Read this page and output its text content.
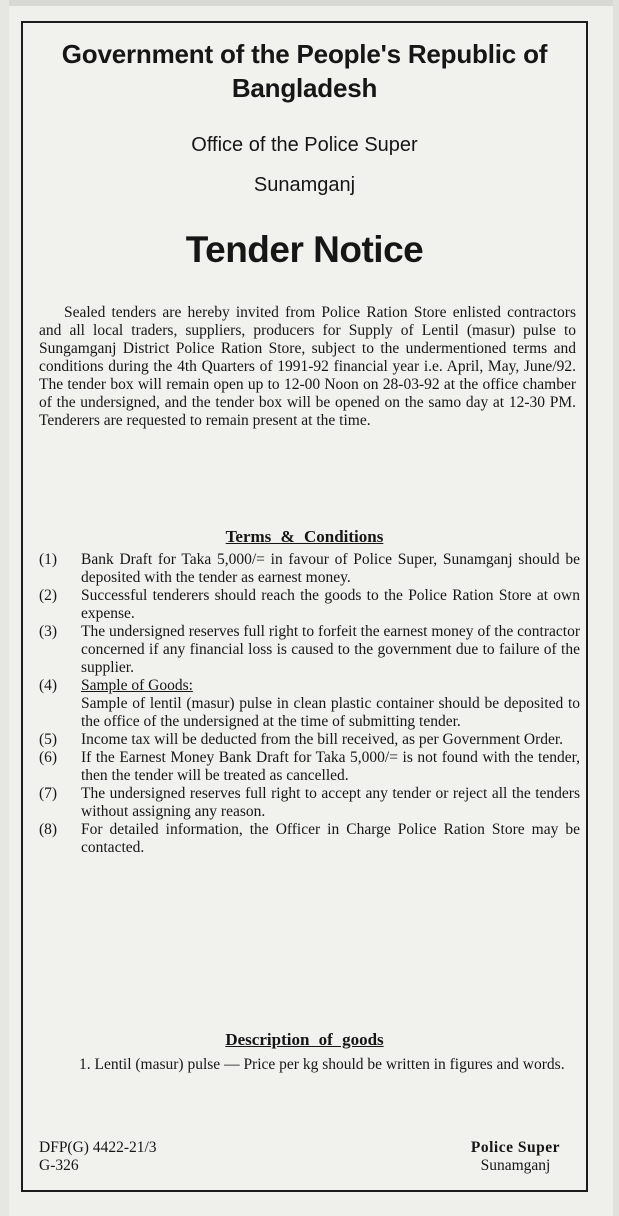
Government of the People's Republic of Bangladesh
Office of the Police Super
Sunamganj
Tender Notice
Sealed tenders are hereby invited from Police Ration Store enlisted contractors and all local traders, suppliers, producers for Supply of Lentil (masur) pulse to Sungamganj District Police Ration Store, subject to the undermentioned terms and conditions during the 4th Quarters of 1991-92 financial year i.e. April, May, June/92. The tender box will remain open up to 12-00 Noon on 28-03-92 at the office chamber of the undersigned, and the tender box will be opened on the samo day at 12-30 PM. Tenderers are requested to remain present at the time.
Terms & Conditions
(1)	Bank Draft for Taka 5,000/= in favour of Police Super, Sunamganj should be deposited with the tender as earnest money.
(2)	Successful tenderers should reach the goods to the Police Ration Store at own expense.
(3)	The undersigned reserves full right to forfeit the earnest money of the contractor concerned if any financial loss is caused to the government due to failure of the supplier.
(4)	Sample of Goods:
Sample of lentil (masur) pulse in clean plastic container should be deposited to the office of the undersigned at the time of submitting tender.
(5)	Income tax will be deducted from the bill received, as per Government Order.
(6)	If the Earnest Money Bank Draft for Taka 5,000/= is not found with the tender, then the tender will be treated as cancelled.
(7)	The undersigned reserves full right to accept any tender or reject all the tenders without assigning any reason.
(8)	For detailed information, the Officer in Charge Police Ration Store may be contacted.
Description of goods
1. Lentil (masur) pulse — Price per kg should be written in figures and words.
DFP(G) 4422-21/3
G-326
Police Super
Sunamganj
